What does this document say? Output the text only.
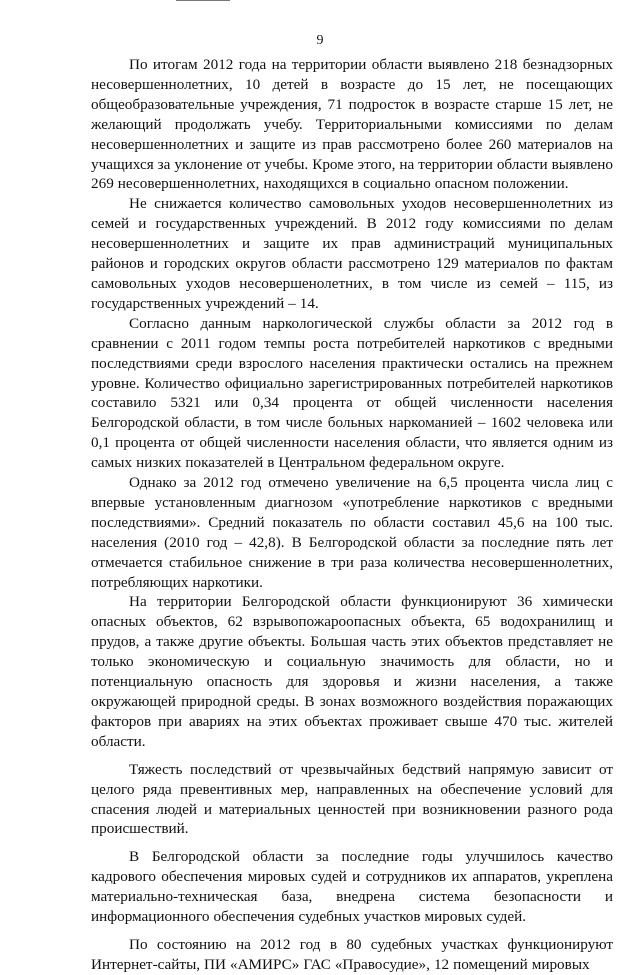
9

По итогам 2012 года на территории области выявлено 218 безнадзорных несовершеннолетних, 10 детей в возрасте до 15 лет, не посещающих общеобразовательные учреждения, 71 подросток в возрасте старше 15 лет, не желающий продолжать учебу. Территориальными комиссиями по делам несовершеннолетних и защите из прав рассмотрено более 260 материалов на учащихся за уклонение от учебы. Кроме этого, на территории области выявлено 269 несовершеннолетних, находящихся в социально опасном положении.

Не снижается количество самовольных уходов несовершеннолетних из семей и государственных учреждений. В 2012 году комиссиями по делам несовершеннолетних и защите их прав администраций муниципальных районов и городских округов области рассмотрено 129 материалов по фактам самовольных уходов несовершенолетних, в том числе из семей – 115, из государственных учреждений – 14.

Согласно данным наркологической службы области за 2012 год в сравнении с 2011 годом темпы роста потребителей наркотиков с вредными последствиями среди взрослого населения практически остались на прежнем уровне. Количество официально зарегистрированных потребителей наркотиков составило 5321 или 0,34 процента от общей численности населения Белгородской области, в том числе больных наркоманией – 1602 человека или 0,1 процента от общей численности населения области, что является одним из самых низких показателей в Центральном федеральном округе.

Однако за 2012 год отмечено увеличение на 6,5 процента числа лиц с впервые установленным диагнозом «употребление наркотиков с вредными последствиями». Средний показатель по области составил 45,6 на 100 тыс. населения (2010 год – 42,8). В Белгородской области за последние пять лет отмечается стабильное снижение в три раза количества несовершеннолетних, потребляющих наркотики.

На территории Белгородской области функционируют 36 химически опасных объектов, 62 взрывопожароопасных объекта, 65 водохранилищ и прудов, а также другие объекты. Большая часть этих объектов представляет не только экономическую и социальную значимость для области, но и потенциальную опасность для здоровья и жизни населения, а также окружающей природной среды. В зонах возможного воздействия поражающих факторов при авариях на этих объектах проживает свыше 470 тыс. жителей области.

Тяжесть последствий от чрезвычайных бедствий напрямую зависит от целого ряда превентивных мер, направленных на обеспечение условий для спасения людей и материальных ценностей при возникновении разного рода происшествий.

В Белгородской области за последние годы улучшилось качество кадрового обеспечения мировых судей и сотрудников их аппаратов, укреплена материально-техническая база, внедрена система безопасности и информационного обеспечения судебных участков мировых судей.

По состоянию на 2012 год в 80 судебных участках функционируют Интернет-сайты, ПИ «АМИРС» ГАС «Правосудие», 12 помещений мировых
